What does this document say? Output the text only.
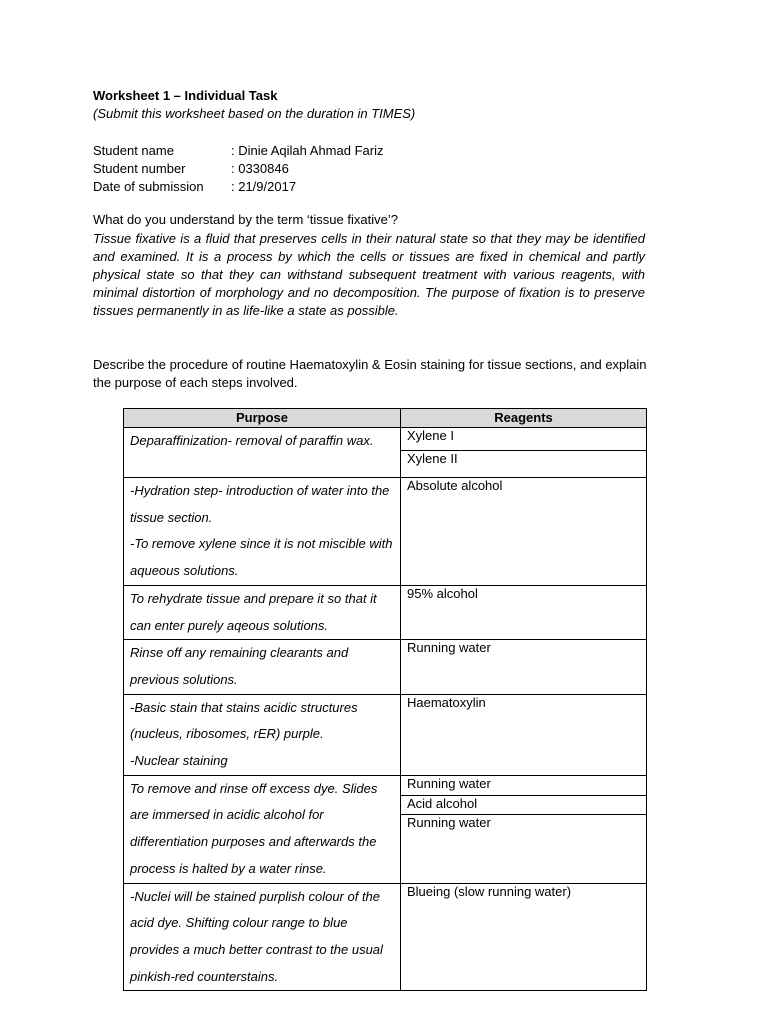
Worksheet 1 – Individual Task
(Submit this worksheet based on the duration in TIMES)
Student name	: Dinie Aqilah Ahmad Fariz
Student number	: 0330846
Date of submission	: 21/9/2017
What do you understand by the term ‘tissue fixative’?
Tissue fixative is a fluid that preserves cells in their natural state so that they may be identified and examined. It is a process by which the cells or tissues are fixed in chemical and partly physical state so that they can withstand subsequent treatment with various reagents, with minimal distortion of morphology and no decomposition. The purpose of fixation is to preserve tissues permanently in as life-like a state as possible.
Describe the procedure of routine Haematoxylin & Eosin staining for tissue sections, and explain the purpose of each steps involved.
Purpose	Reagents
Deparaffinization- removal of paraffin wax.	Xylene I
	Xylene II

-Hydration step- introduction of water into the tissue section.
-To remove xylene since it is not miscible with aqueous solutions.	Absolute alcohol
To rehydrate tissue and prepare it so that it can enter purely aqeous solutions.	95% alcohol
Rinse off any remaining clearants and previous solutions.	Running water

-Basic stain that stains acidic structures (nucleus, ribosomes, rER) purple.
-Nuclear staining	Haematoxylin
To remove and rinse off excess dye. Slides are immersed in acidic alcohol for differentiation purposes and afterwards the process is halted by a water rinse.	Running water
	Acid alcohol
	Running water
-Nuclei will be stained purplish colour of the acid dye. Shifting colour range to blue provides a much better contrast to the usual pinkish-red counterstains.	Blueing (slow running water)
